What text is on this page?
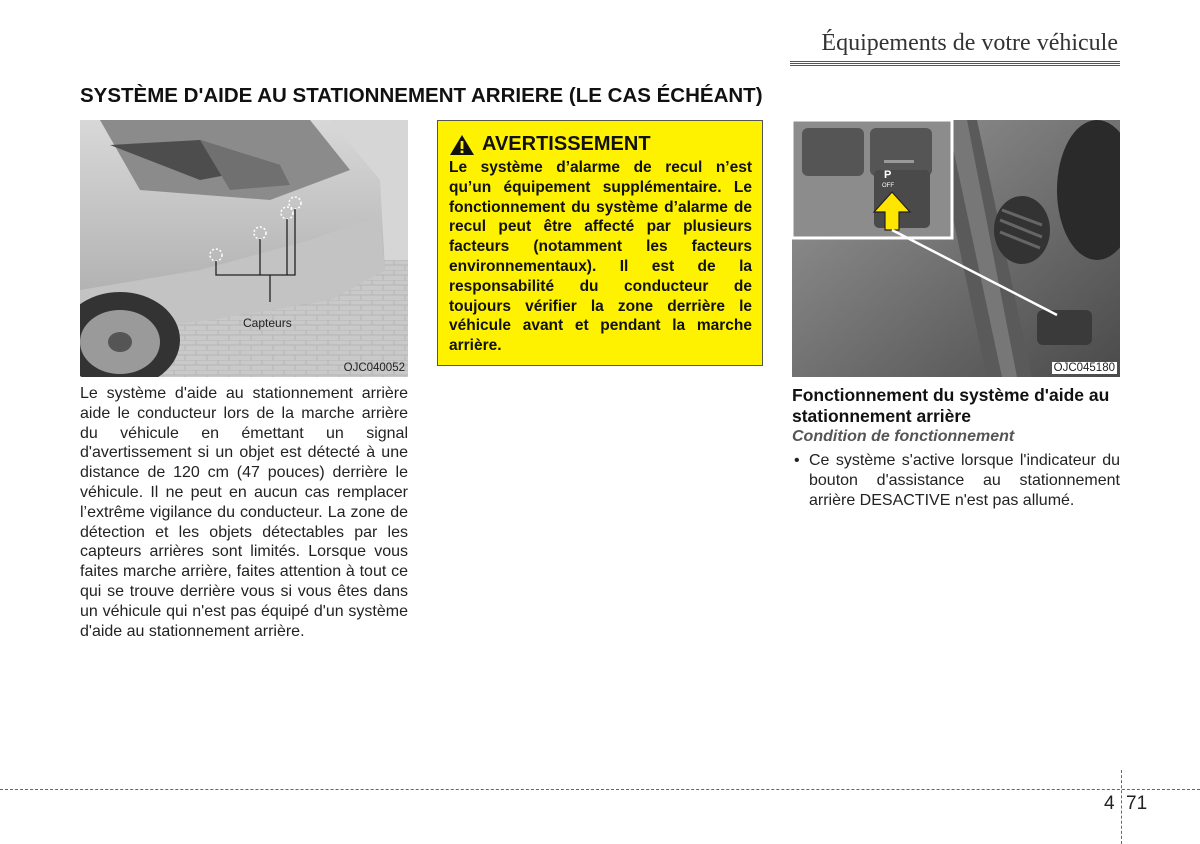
Équipements de votre véhicule
SYSTÈME D'AIDE AU STATIONNEMENT ARRIERE (LE CAS ÉCHÉANT)
Capteurs
OJC040052
AVERTISSEMENT

Le système d’alarme de recul n’est qu’un équipement supplémentaire. Le fonctionnement du système d’alarme de recul peut être affecté par plusieurs facteurs (notamment les facteurs environnementaux). Il est de la responsabilité du conducteur de toujours vérifier la zone derrière le véhicule avant et pendant la marche arrière.

P
OFF
OJC045180

Le système d'aide au stationnement arrière aide le conducteur lors de la marche arrière du véhicule en émettant un signal d'avertissement si un objet est détecté à une distance de 120 cm (47 pouces) derrière le véhicule. Il ne peut en aucun cas remplacer l’extrême vigilance du conducteur. La zone de détection et les objets détectables par les capteurs arrières sont limités. Lorsque vous faites marche arrière, faites attention à tout ce qui se trouve derrière vous si vous êtes dans un véhicule qui n'est pas équipé d'un système d'aide au stationnement arrière.

Fonctionnement du système d'aide au stationnement arrière
Condition de fonctionnement
• Ce système s'active lorsque l'indicateur du bouton d'assistance au stationnement arrière DESACTIVE n'est pas allumé.
4 71
